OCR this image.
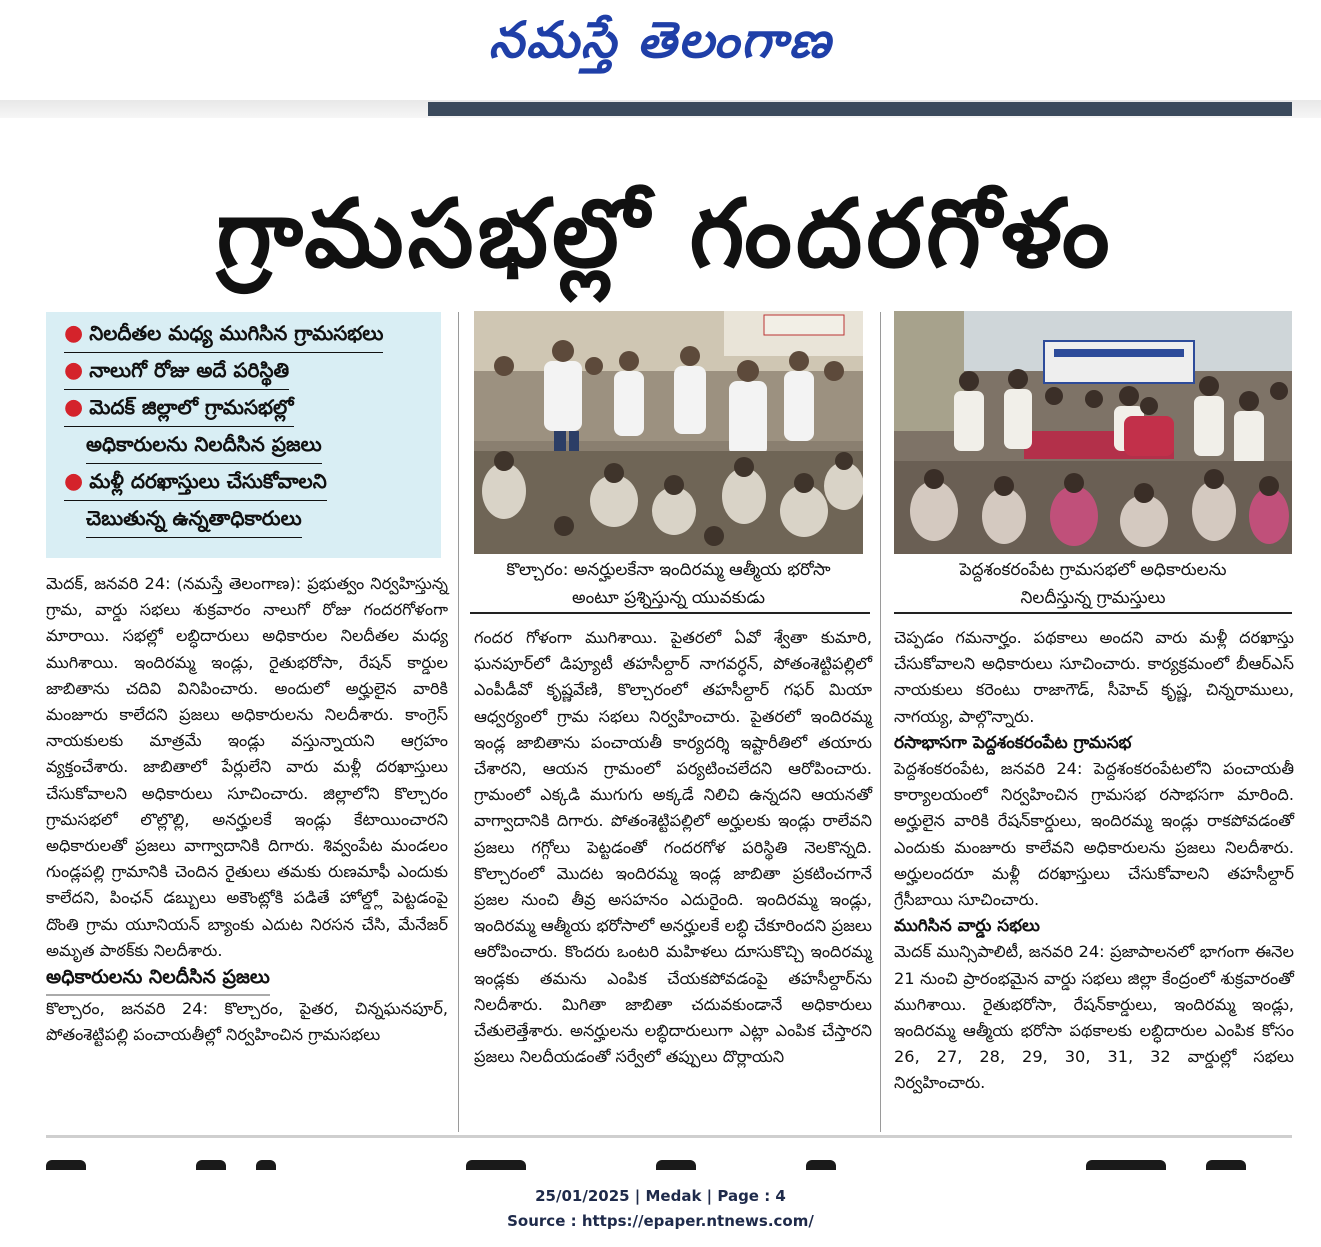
నమస్తే తెలంగాణ
గ్రామసభల్లో గందరగోళం
● నిలదీతల మధ్య ముగిసిన గ్రామసభలు
● నాలుగో రోజు అదే పరిస్థితి
● మెదక్ జిల్లాలో గ్రామసభల్లో
అధికారులను నిలదీసిన ప్రజలు
● మళ్లీ దరఖాస్తులు చేసుకోవాలని
చెబుతున్న ఉన్నతాధికారులు
కొల్చారం: అనర్హులకేనా ఇందిరమ్మ ఆత్మీయ భరోసా
అంటూ ప్రశ్నిస్తున్న యువకుడు
పెద్దశంకరంపేట గ్రామసభలో అధికారులను
నిలదీస్తున్న గ్రామస్తులు

మెదక్, జనవరి 24: (నమస్తే తెలంగాణ): ప్రభుత్వం నిర్వహిస్తున్న గ్రామ, వార్డు సభలు శుక్రవారం నాలుగో రోజు గందరగోళంగా మారాయి. సభల్లో లబ్ధిదారులు అధికారుల నిలదీతల మధ్య ముగిశాయి. ఇందిరమ్మ ఇండ్లు, రైతుభరోసా, రేషన్ కార్డుల జాబితాను చదివి వినిపించారు. అందులో అర్హులైన వారికి మంజూరు కాలేదని ప్రజలు అధికారులను నిలదీశారు. కాంగ్రెస్ నాయకులకు మాత్రమే ఇండ్లు వస్తున్నాయని ఆగ్రహం వ్యక్తంచేశారు. జాబితాలో పేర్లులేని వారు మళ్లీ దరఖాస్తులు చేసుకోవాలని అధికారులు సూచించారు. జిల్లాలోని కొల్చారం గ్రామసభలో లొల్లొల్లి, అనర్హులకే ఇండ్లు కేటాయించారని అధికారులతో ప్రజలు వాగ్వాదానికి దిగారు. శివ్వంపేట మండలం గుండ్లపల్లి గ్రామానికి చెందిన రైతులు తమకు రుణమాఫీ ఎందుకు కాలేదని, పింఛన్ డబ్బులు అకౌంట్లోకి పడితే హోల్డ్లో పెట్టడంపై దొంతి గ్రామ యూనియన్ బ్యాంకు ఎదుట నిరసన చేసి, మేనేజర్ అమృత పాఠక్‌కు నిలదీశారు.

అధికారులను నిలదీసిన ప్రజలు

కొల్చారం, జనవరి 24: కొల్చారం, పైతర, చిన్నఘనపూర్, పోతంశెట్టిపల్లి పంచాయతీల్లో నిర్వహించిన గ్రామసభలు

గందర గోళంగా ముగిశాయి. పైతరలో ఏవో శ్వేతా కుమారి, ఘనపూర్‌లో డిప్యూటీ తహసీల్దార్ నాగవర్ధన్, పోతంశెట్టిపల్లిలో ఎంపీడీవో కృష్ణవేణి, కొల్చారంలో తహసీల్దార్ గఫర్ మియా ఆధ్వర్యంలో గ్రామ సభలు నిర్వహించారు. పైతరలో ఇందిరమ్మ ఇండ్ల జాబితాను పంచాయతీ కార్యదర్శి ఇష్టారీతిలో తయారు చేశారని, ఆయన గ్రామంలో పర్యటించలేదని ఆరోపించారు. గ్రామంలో ఎక్కడి ముగుగు అక్కడే నిలిచి ఉన్నదని ఆయనతో వాగ్వాదానికి దిగారు. పోతంశెట్టిపల్లిలో అర్హులకు ఇండ్లు రాలేవని ప్రజలు గగ్గోలు పెట్టడంతో గందరగోళ పరిస్థితి నెలకొన్నది. కొల్చారంలో మొదట ఇందిరమ్మ ఇండ్ల జాబితా ప్రకటించగానే ప్రజల నుంచి తీవ్ర అసహనం ఎదురైంది. ఇందిరమ్మ ఇండ్లు, ఇందిరమ్మ ఆత్మీయ భరోసాలో అనర్హులకే లబ్ధి చేకూరిందని ప్రజలు ఆరోపించారు. కొందరు ఒంటరి మహిళలు దూసుకొచ్చి ఇందిరమ్మ ఇండ్లకు తమను ఎంపిక చేయకపోవడంపై తహసీల్దార్‌ను నిలదీశారు. మిగితా జాబితా చదువకుండానే అధికారులు చేతులెత్తేశారు. అనర్హులను లబ్ధిదారులుగా ఎట్లా ఎంపిక చేస్తారని ప్రజలు నిలదీయడంతో సర్వేలో తప్పులు దొర్లాయని

చెప్పడం గమనార్హం. పథకాలు అందని వారు మళ్లీ దరఖాస్తు చేసుకోవాలని అధికారులు సూచించారు. కార్యక్రమంలో బీఆర్ఎస్ నాయకులు కరెంటు రాజాగౌడ్, సీహెచ్ కృష్ణ, చిన్నరాములు, నాగయ్య, పాల్గొన్నారు.

రసాభాసగా పెద్దశంకరంపేట గ్రామసభ

పెద్దశంకరంపేట, జనవరి 24: పెద్దశంకరంపేటలోని పంచాయతీ కార్యాలయంలో నిర్వహించిన గ్రామసభ రసాభసగా మారింది. అర్హులైన వారికి రేషన్‌కార్డులు, ఇందిరమ్మ ఇండ్లు రాకపోవడంతో ఎందుకు మంజూరు కాలేవని అధికారులను ప్రజలు నిలదీశారు. అర్హులందరూ మళ్లీ దరఖాస్తులు చేసుకోవాలని తహసీల్దార్ గ్రేసీబాయి సూచించారు.

ముగిసిన వార్డు సభలు

మెదక్ మున్సిపాలిటీ, జనవరి 24: ప్రజాపాలనలో భాగంగా ఈనెల 21 నుంచి ప్రారంభమైన వార్డు సభలు జిల్లా కేంద్రంలో శుక్రవారంతో ముగిశాయి. రైతుభరోసా, రేషన్‌కార్డులు, ఇందిరమ్మ ఇండ్లు, ఇందిరమ్మ ఆత్మీయ భరోసా పథకాలకు లబ్ధిదారుల ఎంపిక కోసం 26, 27, 28, 29, 30, 31, 32 వార్డుల్లో సభలు నిర్వహించారు.

25/01/2025 | Medak | Page : 4
Source : https://epaper.ntnews.com/
